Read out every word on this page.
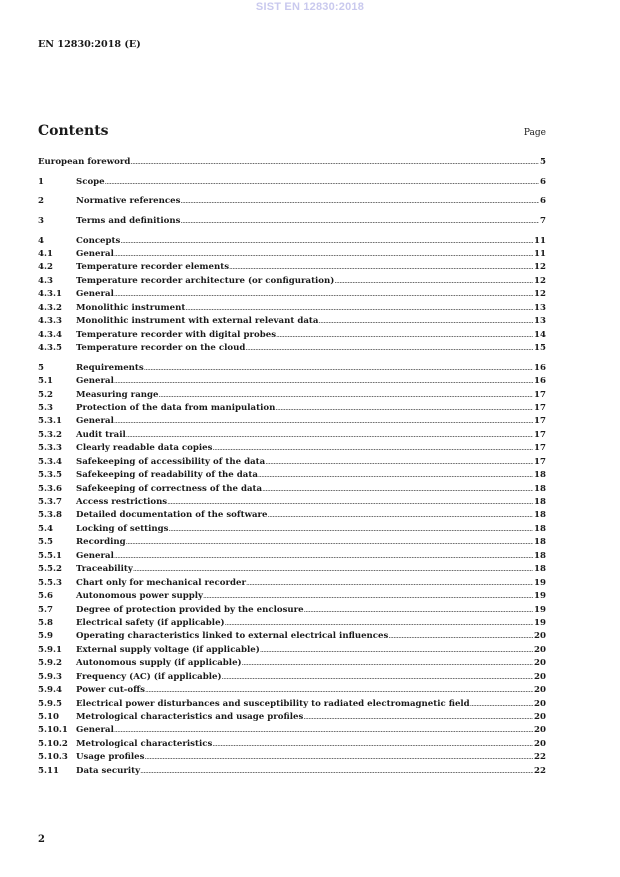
SIST EN 12830:2018
EN 12830:2018 (E)
Contents	Page
European foreword .....	5
1	Scope .....	6
2	Normative references .....	6
3	Terms and definitions .....	7
4	Concepts .....	11
4.1	General .....	11
4.2	Temperature recorder elements .....	12
4.3	Temperature recorder architecture (or configuration) .....	12
4.3.1	General .....	12
4.3.2	Monolithic instrument .....	13
4.3.3	Monolithic instrument with external relevant data .....	13
4.3.4	Temperature recorder with digital probes .....	14
4.3.5	Temperature recorder on the cloud .....	15
5	Requirements .....	16
5.1	General .....	16
5.2	Measuring range .....	17
5.3	Protection of the data from manipulation .....	17
5.3.1	General .....	17
5.3.2	Audit trail .....	17
5.3.3	Clearly readable data copies .....	17
5.3.4	Safekeeping of accessibility of the data .....	17
5.3.5	Safekeeping of readability of the data .....	18
5.3.6	Safekeeping of correctness of the data .....	18
5.3.7	Access restrictions .....	18
5.3.8	Detailed documentation of the software .....	18
5.4	Locking of settings .....	18
5.5	Recording .....	18
5.5.1	General .....	18
5.5.2	Traceability .....	18
5.5.3	Chart only for mechanical recorder .....	19
5.6	Autonomous power supply .....	19
5.7	Degree of protection provided by the enclosure .....	19
5.8	Electrical safety (if applicable) .....	19
5.9	Operating characteristics linked to external electrical influences .....	20
5.9.1	External supply voltage (if applicable) .....	20
5.9.2	Autonomous supply (if applicable) .....	20
5.9.3	Frequency (AC) (if applicable) .....	20
5.9.4	Power cut-offs .....	20
5.9.5	Electrical power disturbances and susceptibility to radiated electromagnetic field .....	20
5.10	Metrological characteristics and usage profiles .....	20
5.10.1 General .....	20
5.10.2 Metrological characteristics .....	20
5.10.3 Usage profiles .....	22
5.11	Data security .....	22
2
